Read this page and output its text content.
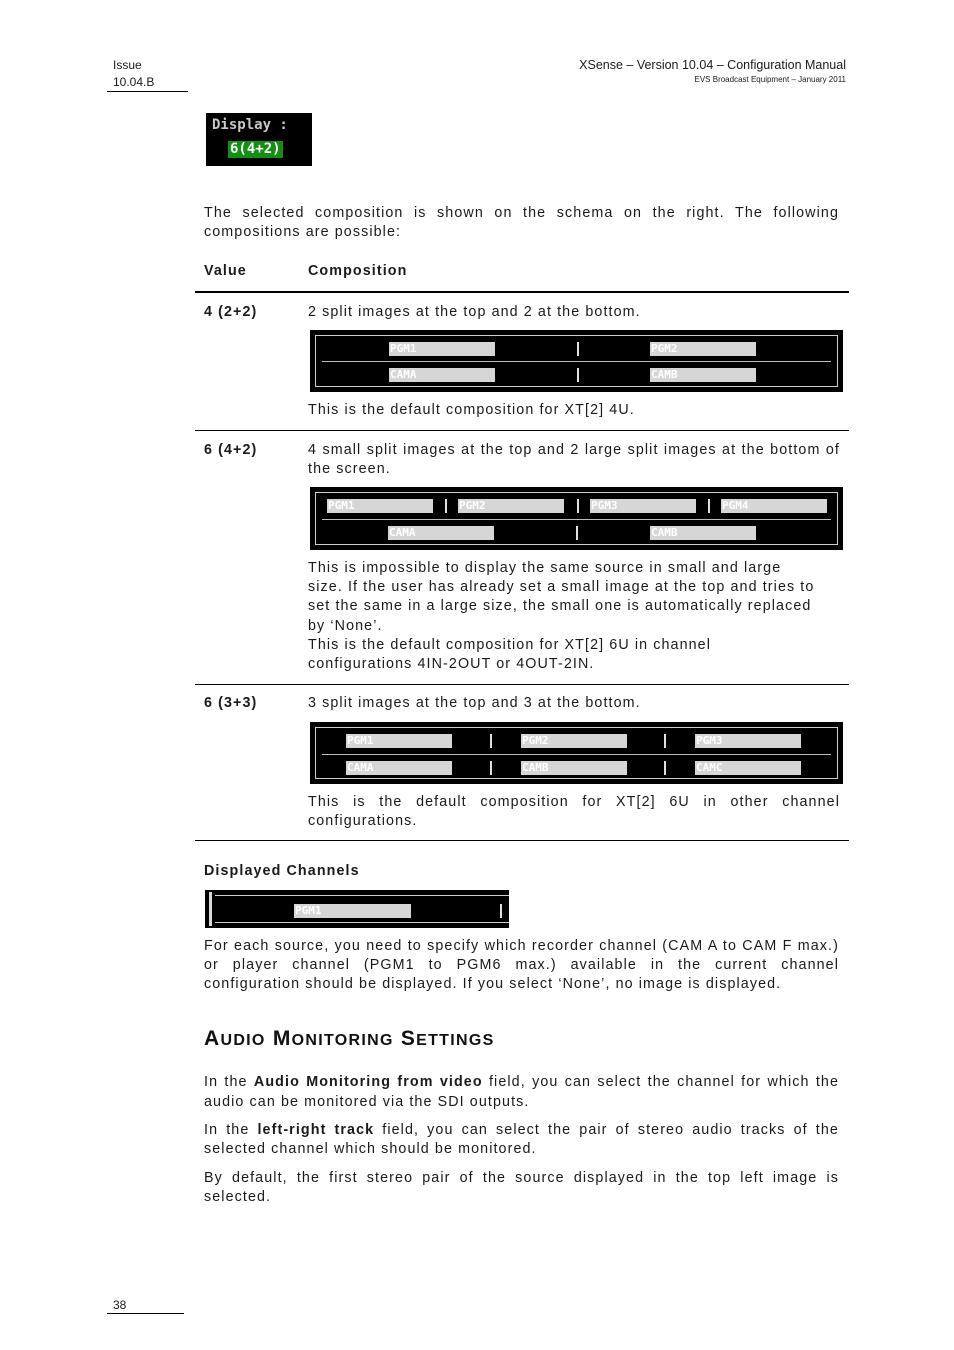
Issue
10.04.B
XSense – Version 10.04 – Configuration Manual
EVS Broadcast Equipment – January 2011
Display :
6(4+2)
The selected composition is shown on the schema on the right. The following compositions are possible:
Value	Composition
4 (2+2)	2 split images at the top and 2 at the bottom.
PGM1	PGM2
CAMA	CAMB
This is the default composition for XT[2] 4U.
6 (4+2)	4 small split images at the top and 2 large split images at the bottom of the screen.
PGM1	PGM2	PGM3	PGM4
CAMA	CAMB
This is impossible to display the same source in small and large
size. If the user has already set a small image at the top and tries to
set the same in a large size, the small one is automatically replaced
by ‘None’.
This is the default composition for XT[2] 6U in channel
configurations 4IN-2OUT or 4OUT-2IN.
6 (3+3)	3 split images at the top and 3 at the bottom.
PGM1	PGM2	PGM3
CAMA	CAMB	CAMC
This is the default composition for XT[2] 6U in other channel configurations.
Displayed Channels
PGM1
For each source, you need to specify which recorder channel (CAM A to CAM F max.) or player channel (PGM1 to PGM6 max.) available in the current channel configuration should be displayed. If you select ‘None’, no image is displayed.
AUDIO MONITORING SETTINGS
In the Audio Monitoring from video field, you can select the channel for which the audio can be monitored via the SDI outputs.
In the left-right track field, you can select the pair of stereo audio tracks of the selected channel which should be monitored.
By default, the first stereo pair of the source displayed in the top left image is selected.
38
